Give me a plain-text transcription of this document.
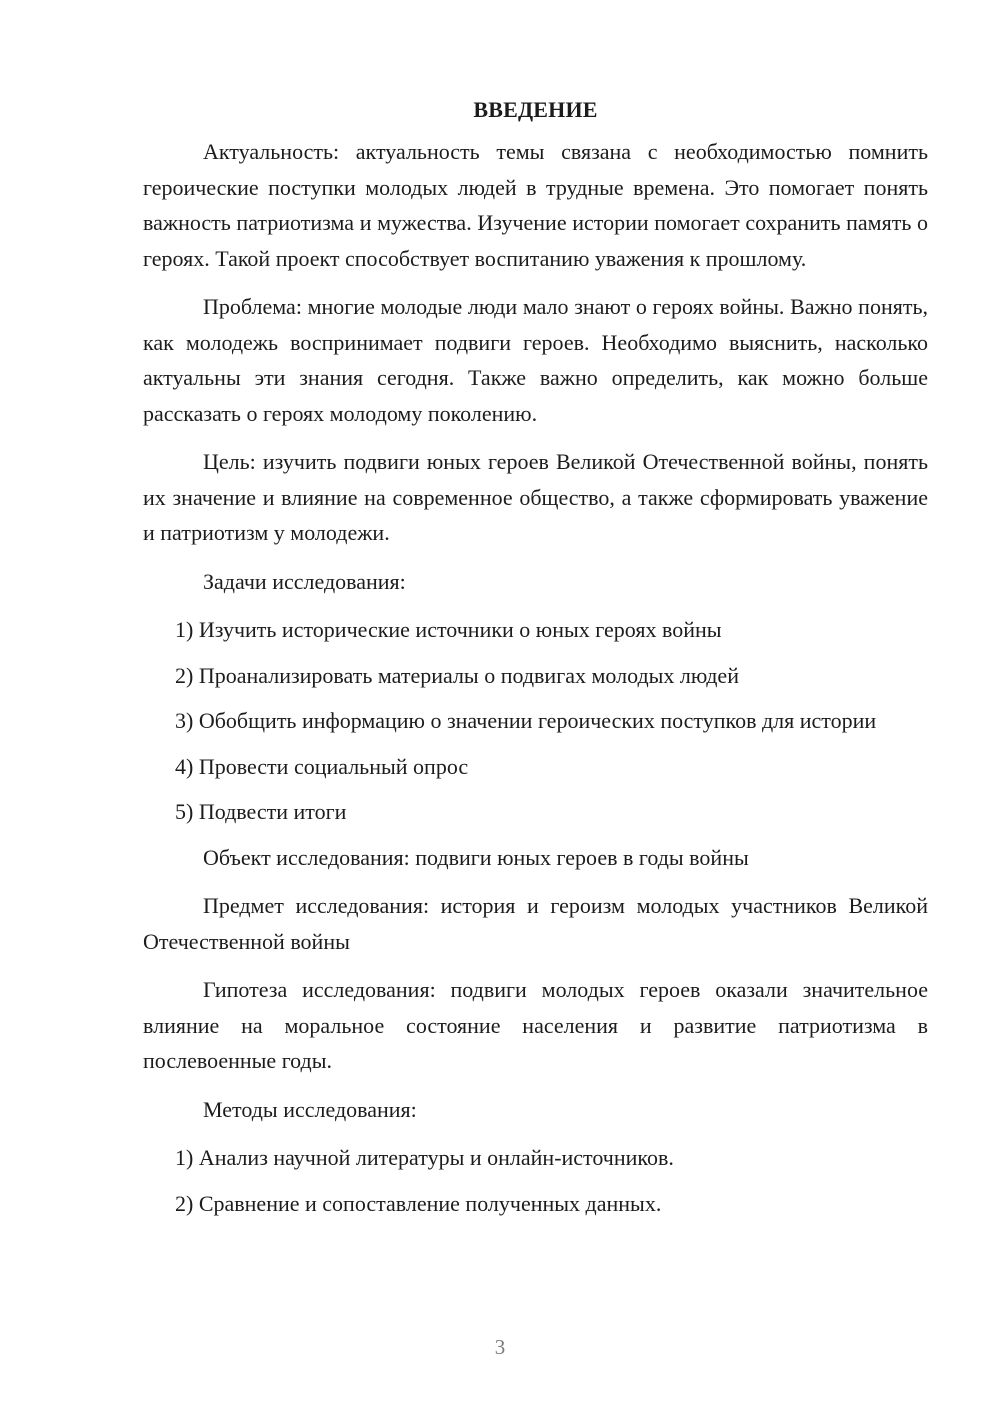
ВВЕДЕНИЕ

Актуальность: актуальность темы связана с необходимостью помнить героические поступки молодых людей в трудные времена. Это помогает понять важность патриотизма и мужества. Изучение истории помогает сохранить память о героях. Такой проект способствует воспитанию уважения к прошлому.

Проблема: многие молодые люди мало знают о героях войны. Важно понять, как молодежь воспринимает подвиги героев. Необходимо выяснить, насколько актуальны эти знания сегодня. Также важно определить, как можно больше рассказать о героях молодому поколению.

Цель: изучить подвиги юных героев Великой Отечественной войны, понять их значение и влияние на современное общество, а также сформировать уважение и патриотизм у молодежи.

Задачи исследования:

1) Изучить исторические источники о юных героях войны

2) Проанализировать материалы о подвигах молодых людей

3) Обобщить информацию о значении героических поступков для истории

4) Провести социальный опрос

5) Подвести итоги

Объект исследования: подвиги юных героев в годы войны

Предмет исследования: история и героизм молодых участников Великой Отечественной войны

Гипотеза исследования: подвиги молодых героев оказали значительное влияние на моральное состояние населения и развитие патриотизма в послевоенные годы.

Методы исследования:

1) Анализ научной литературы и онлайн-источников.

2) Сравнение и сопоставление полученных данных.

3
